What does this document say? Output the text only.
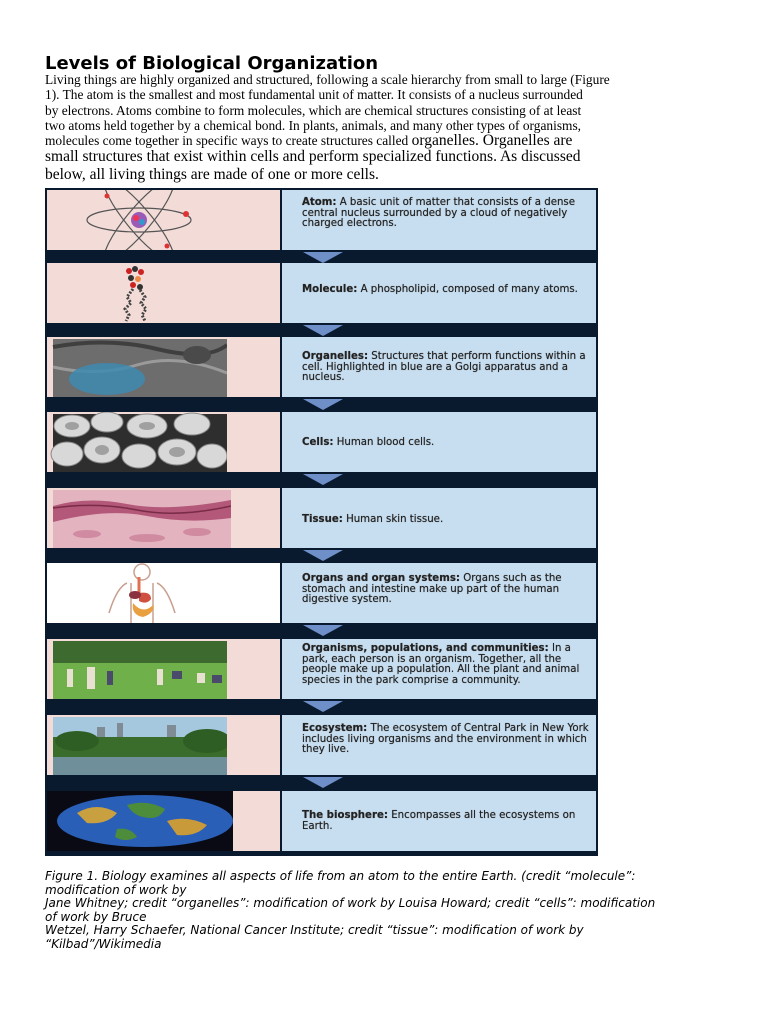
Levels of Biological Organization
Living things are highly organized and structured, following a scale hierarchy from small to large (Figure
1). The atom is the smallest and most fundamental unit of matter. It consists of a nucleus surrounded
by electrons. Atoms combine to form molecules, which are chemical structures consisting of at least
two atoms held together by a chemical bond. In plants, animals, and many other types of organisms,
molecules come together in specific ways to create structures called organelles. Organelles are
small structures that exist within cells and perform specialized functions. As discussed
below, all living things are made of one or more cells.
Atom: A basic unit of matter that consists of a dense central nucleus surrounded by a cloud of negatively charged electrons.
Molecule: A phospholipid, composed of many atoms.
Organelles: Structures that perform functions within a cell. Highlighted in blue are a Golgi apparatus and a nucleus.
Cells: Human blood cells.
Tissue: Human skin tissue.
Organs and organ systems: Organs such as the stomach and intestine make up part of the human digestive system.
Organisms, populations, and communities: In a park, each person is an organism. Together, all the people make up a population. All the plant and animal species in the park comprise a community.
Ecosystem: The ecosystem of Central Park in New York includes living organisms and the environment in which they live.
The biosphere: Encompasses all the ecosystems on Earth.
Figure 1. Biology examines all aspects of life from an atom to the entire Earth. (credit “molecule”:
modification of work by
Jane Whitney; credit “organelles”: modification of work by Louisa Howard; credit “cells”: modification
of work by Bruce
Wetzel, Harry Schaefer, National Cancer Institute; credit “tissue”: modification of work by
“Kilbad”/Wikimedia
